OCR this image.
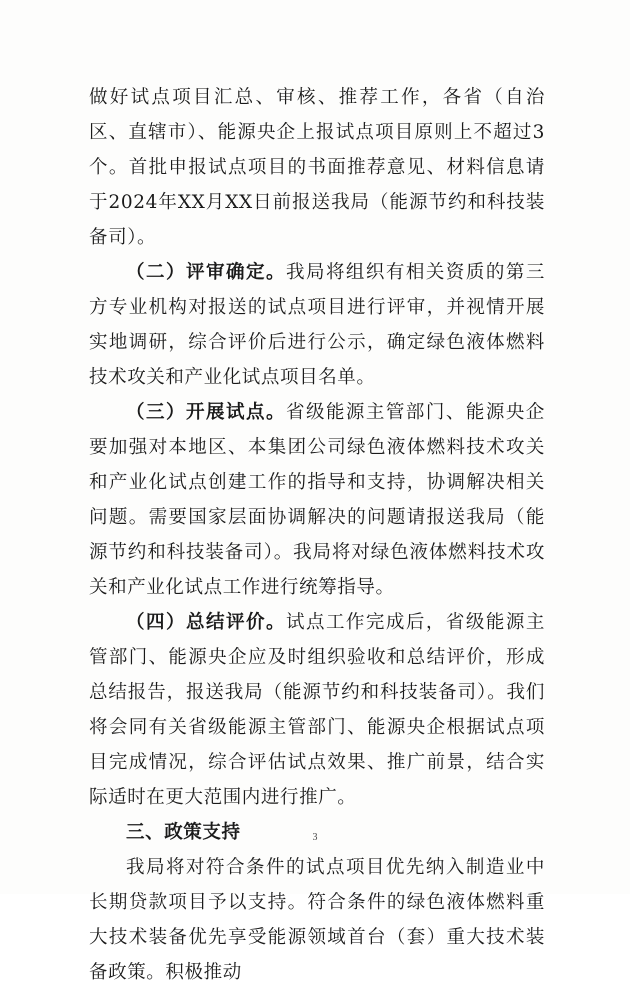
做好试点项目汇总、审核、推荐工作，各省（自治区、直辖市）、能源央企上报试点项目原则上不超过3个。首批申报试点项目的书面推荐意见、材料信息请于2024年XX月XX日前报送我局（能源节约和科技装备司）。

（二）评审确定。我局将组织有相关资质的第三方专业机构对报送的试点项目进行评审，并视情开展实地调研，综合评价后进行公示，确定绿色液体燃料技术攻关和产业化试点项目名单。

（三）开展试点。省级能源主管部门、能源央企要加强对本地区、本集团公司绿色液体燃料技术攻关和产业化试点创建工作的指导和支持，协调解决相关问题。需要国家层面协调解决的问题请报送我局（能源节约和科技装备司）。我局将对绿色液体燃料技术攻关和产业化试点工作进行统筹指导。

（四）总结评价。试点工作完成后，省级能源主管部门、能源央企应及时组织验收和总结评价，形成总结报告，报送我局（能源节约和科技装备司）。我们将会同有关省级能源主管部门、能源央企根据试点项目完成情况，综合评估试点效果、推广前景，结合实际适时在更大范围内进行推广。

三、政策支持

我局将对符合条件的试点项目优先纳入制造业中长期贷款项目予以支持。符合条件的绿色液体燃料重大技术装备优先享受能源领域首台（套）重大技术装备政策。积极推动

3
